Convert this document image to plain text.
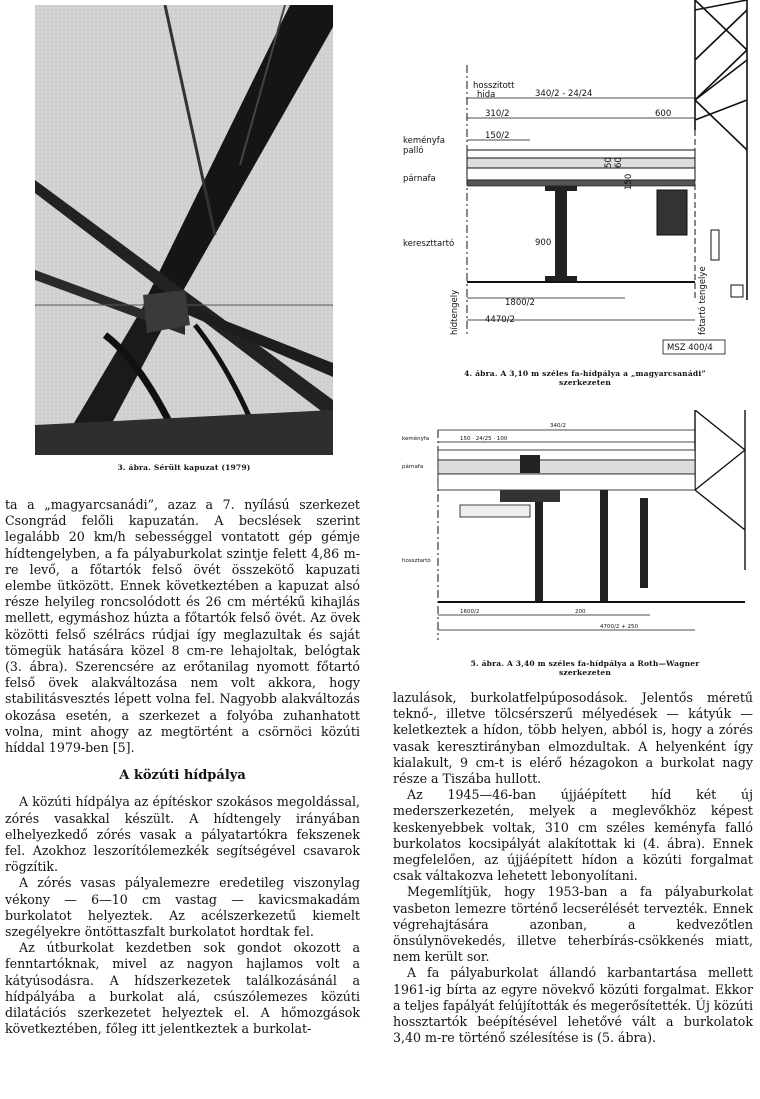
3. ábra. Sérült kapuzat (1979)
hosszitott
hida	340/2 - 24/24
310/2	600
150/2
keményfa
palló
párnafa
kereszttartó	900
1800/2
4470/2
hídtengely	főtartó tengelye
50 60
150
MSZ 400/4
4. ábra. A 3,10 m széles fa-hídpálya a „magyarcsanádi”
szerkezeten
340/2
150 · 24/25 · 100
keményfa
párnafa
hossztartó
1600/2	200
4700/2 + 250
5. ábra. A 3,40 m széles fa-hídpálya a Roth—Wagner
szerkezeten

ta a „magyarcsanádi”, azaz a 7. nyílású szerkezet Csongrád felőli kapuzatán. A becslések szerint legalább 20 km/h sebességgel vontatott gép gémje hídtengelyben, a fa pályaburkolat szintje felett 4,86 m-re levő, a főtartók felső övét összekötő kapuzati elembe ütközött. Ennek következtében a kapuzat alsó része helyileg roncsolódott és 26 cm mértékű kihajlás mellett, egymáshoz húzta a főtartók felső övét. Az övek közötti felső szélrács rúdjai így meglazultak és saját tömegük hatására közel 8 cm-re lehajoltak, belógtak (3. ábra). Szerencsére az erőtanilag nyomott főtartó felső övek alakváltozása nem volt akkora, hogy stabilitásvesztés lépett volna fel. Nagyobb alakváltozás okozása esetén, a szerkezet a folyóba zuhanhatott volna, mint ahogy az megtörtént a csörnöci közúti híddal 1979-ben [5].

A közúti hídpálya

A közúti hídpálya az építéskor szokásos megoldással, zórés vasakkal készült. A hídtengely irányában elhelyezkedő zórés vasak a pályatartókra fekszenek fel. Azokhoz leszorítólemezkék segítségével csavarok rögzítik.

A zórés vasas pályalemezre eredetileg viszonylag vékony — 6—10 cm vastag — kavicsmakadám burkolatot helyeztek. Az acélszerkezetű kiemelt szegélyekre öntöttaszfalt burkolatot hordtak fel.

Az útburkolat kezdetben sok gondot okozott a fenntartóknak, mivel az nagyon hajlamos volt a kátyúsodásra. A hídszerkezetek találkozásánál a hídpályába a burkolat alá, csúszólemezes közúti dilatációs szerkezetet helyeztek el. A hőmozgások következtében, főleg itt jelentkeztek a burkolat-

lazulások, burkolatfelpúposodások. Jelentős méretű teknő-, illetve tölcsérszerű mélyedések — kátyúk — keletkeztek a hídon, több helyen, abból is, hogy a zórés vasak keresztirányban elmozdultak. A helyenként így kialakult, 9 cm-t is elérő hézagokon a burkolat nagy része a Tiszába hullott.

Az 1945—46-ban újjáépített híd két új mederszerkezetén, melyek a meglevőkhöz képest keskenyebbek voltak, 310 cm széles keményfa falló burkolatos kocsipályát alakítottak ki (4. ábra). Ennek megfelelően, az újjáépített hídon a közúti forgalmat csak váltakozva lehetett lebonyolítani.

Megemlítjük, hogy 1953-ban a fa pályaburkolat vasbeton lemezre történő lecserélését tervezték. Ennek végrehajtására azonban, a kedvezőtlen önsúlynövekedés, illetve teherbírás-csökkenés miatt, nem került sor.

A fa pályaburkolat állandó karbantartása mellett 1961-ig bírta az egyre növekvő közúti forgalmat. Ekkor a teljes fapályát felújították és megerősítették. Új közúti hossztartók beépítésével lehetővé vált a burkolatok 3,40 m-re történő szélesítése is (5. ábra).
